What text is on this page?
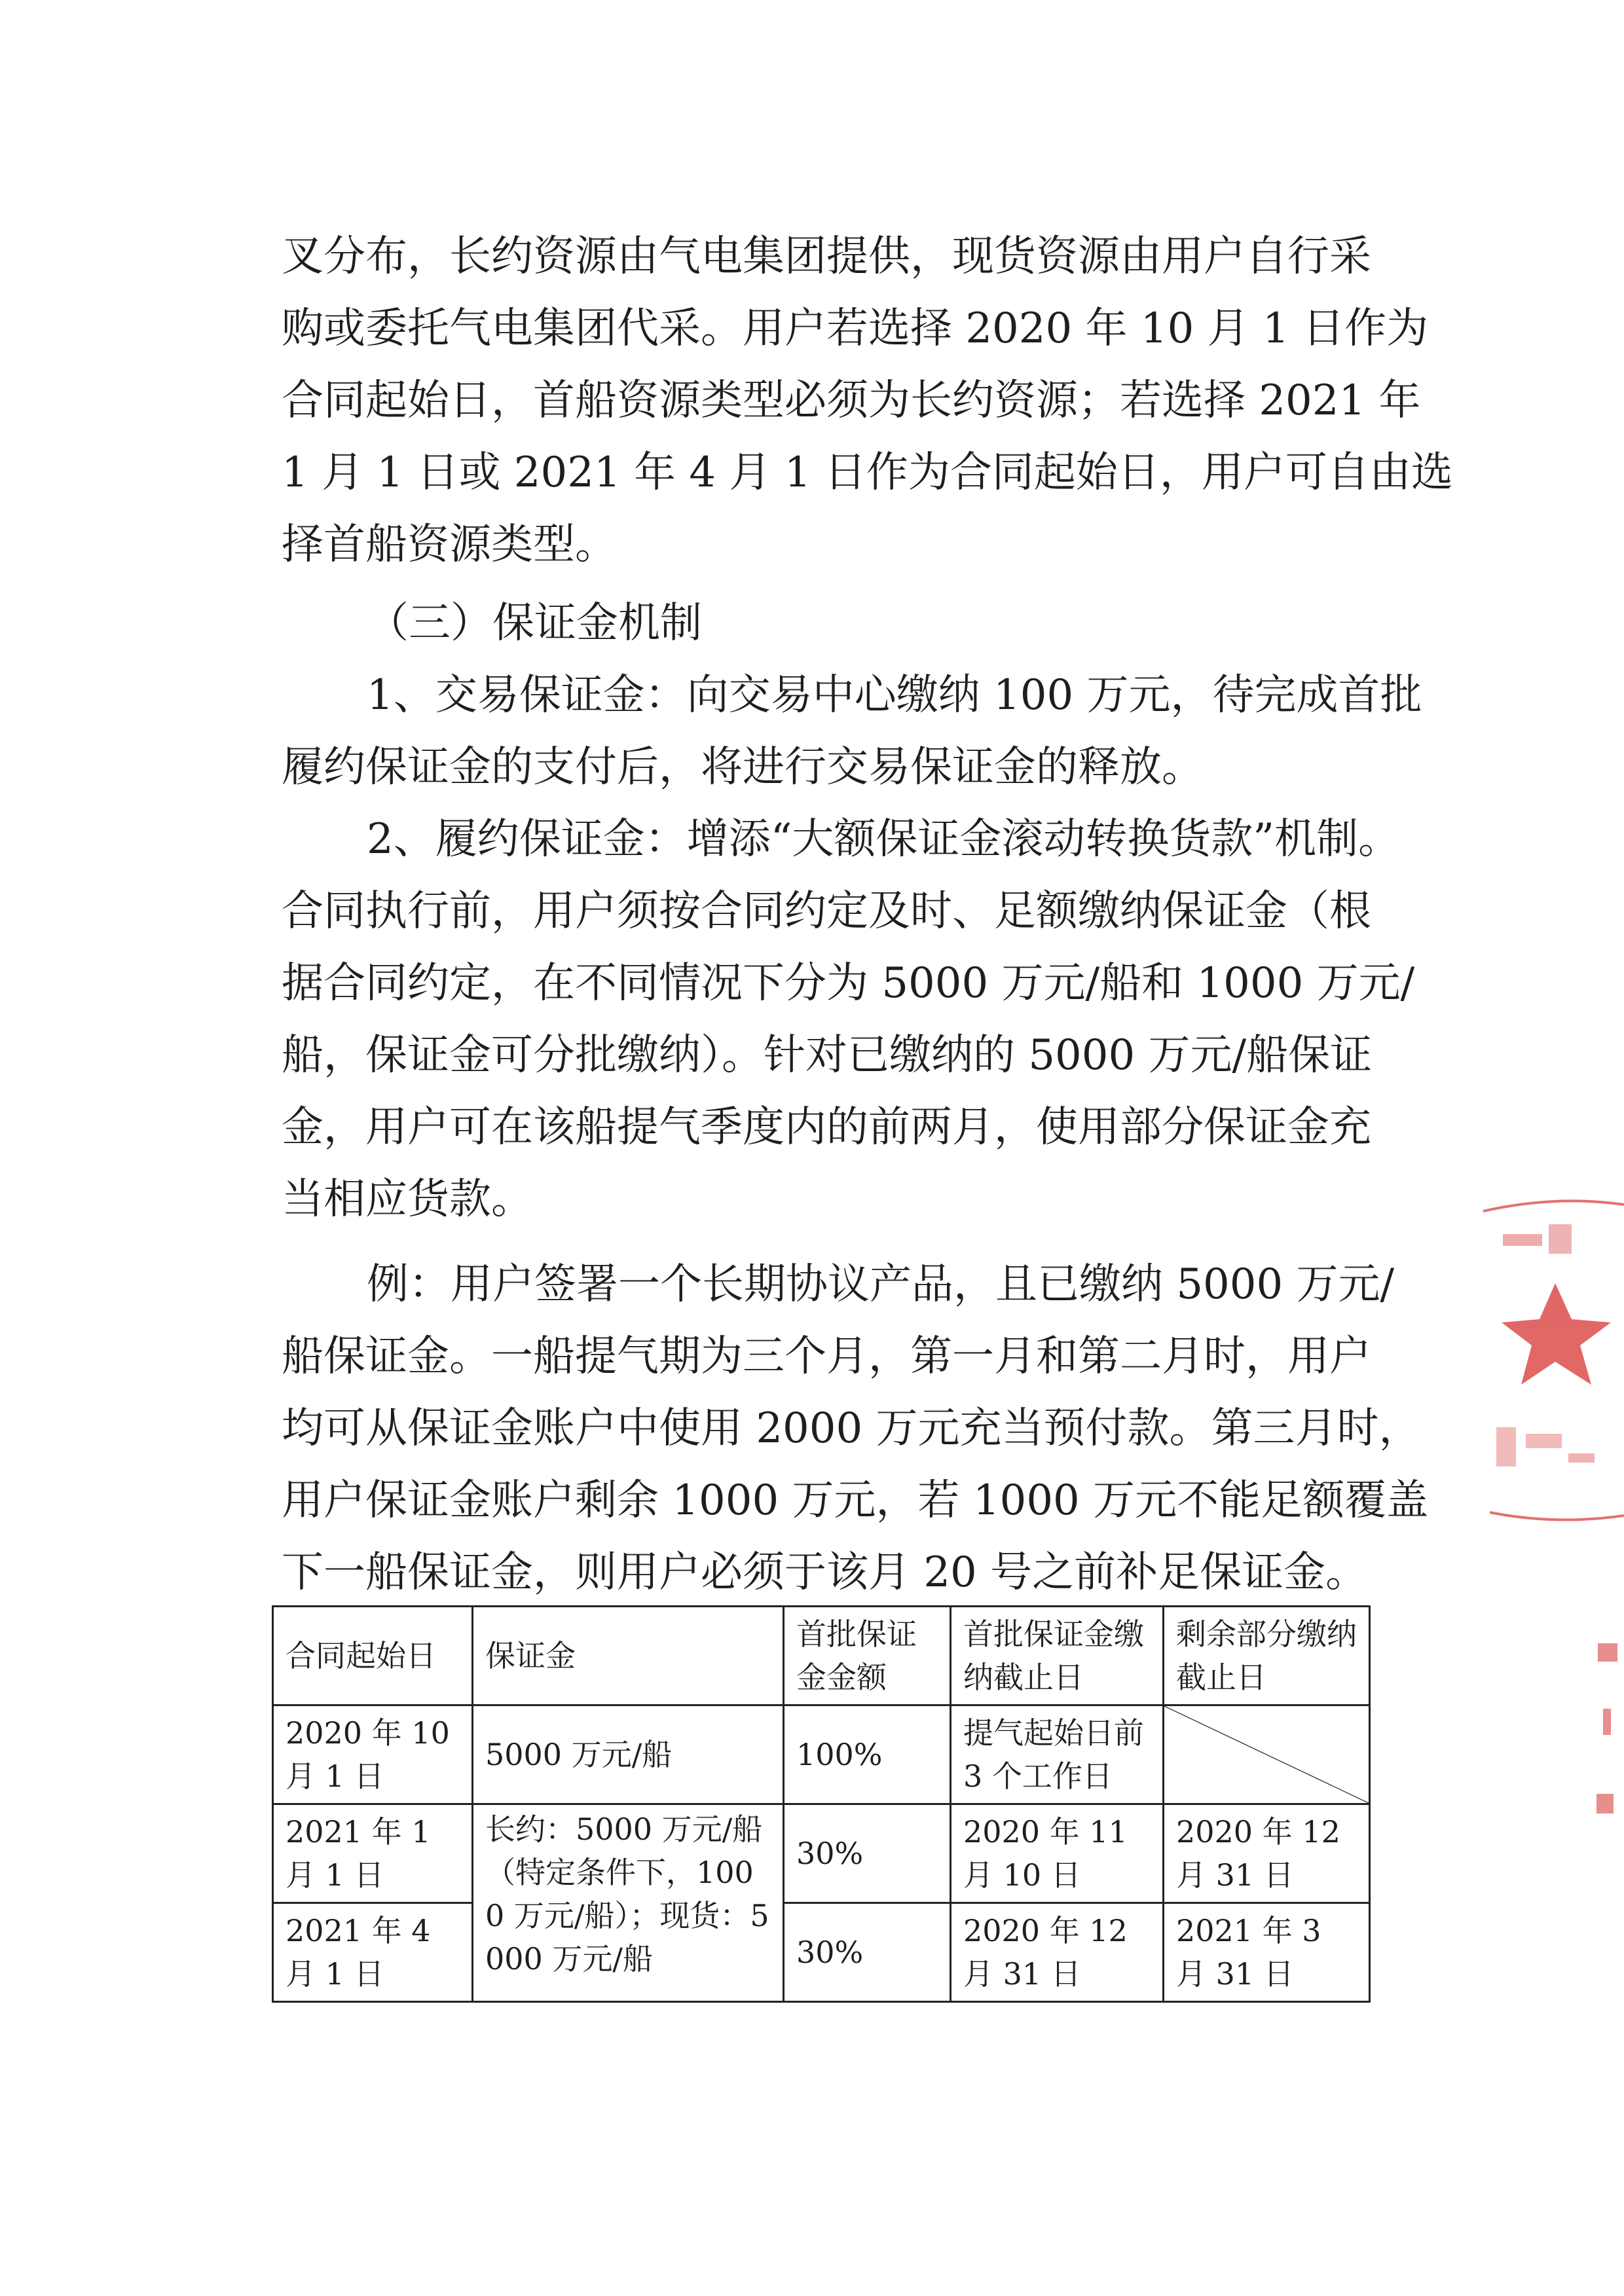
叉分布，长约资源由气电集团提供，现货资源由用户自行采
购或委托气电集团代采。用户若选择 2020 年 10 月 1 日作为
合同起始日，首船资源类型必须为长约资源；若选择 2021 年
1 月 1 日或 2021 年 4 月 1 日作为合同起始日，用户可自由选
择首船资源类型。
（三）保证金机制
1、交易保证金：向交易中心缴纳 100 万元，待完成首批
履约保证金的支付后，将进行交易保证金的释放。
2、履约保证金：增添“大额保证金滚动转换货款”机制。
合同执行前，用户须按合同约定及时、足额缴纳保证金（根
据合同约定，在不同情况下分为 5000 万元/船和 1000 万元/
船，保证金可分批缴纳）。针对已缴纳的 5000 万元/船保证
金，用户可在该船提气季度内的前两月，使用部分保证金充
当相应货款。
例：用户签署一个长期协议产品，且已缴纳 5000 万元/
船保证金。一船提气期为三个月，第一月和第二月时，用户
均可从保证金账户中使用 2000 万元充当预付款。第三月时，
用户保证金账户剩余 1000 万元，若 1000 万元不能足额覆盖
下一船保证金，则用户必须于该月 20 号之前补足保证金。
合同起始日	保证金	首批保证金金额	首批保证金缴纳截止日	剩余部分缴纳截止日
2020 年 10 月 1 日	5000 万元/船	100%	提气起始日前 3 个工作日	

2021 年 1 月 1 日	长约：5000 万元/船（特定条件下，1000 万元/船）；现货：5000 万元/船	30%	2020 年 11 月 10 日	2020 年 12 月 31 日
2021 年 4 月 1 日		30%	2020 年 12 月 31 日	2021 年 3 月 31 日
